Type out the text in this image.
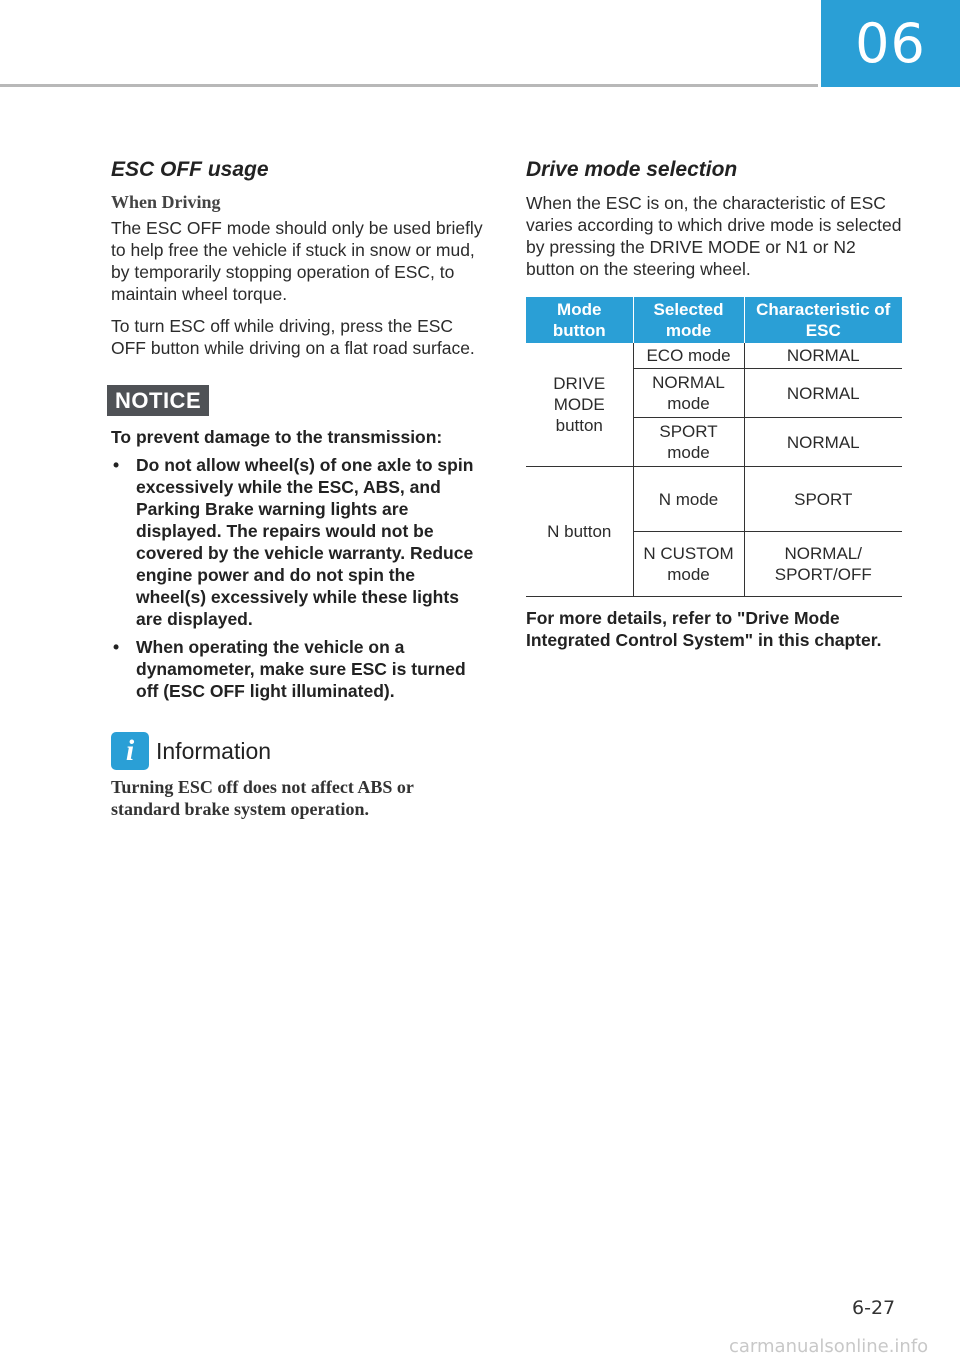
06
ESC OFF usage
When Driving

The ESC OFF mode should only be used briefly to help free the vehicle if stuck in snow or mud, by temporarily stopping operation of ESC, to maintain wheel torque.

To turn ESC off while driving, press the ESC OFF button while driving on a flat road surface.

NOTICE

To prevent damage to the transmission:

• Do not allow wheel(s) of one axle to spin excessively while the ESC, ABS, and Parking Brake warning lights are displayed. The repairs would not be covered by the vehicle warranty. Reduce engine power and do not spin the wheel(s) excessively while these lights are displayed.
• When operating the vehicle on a dynamometer, make sure ESC is turned off (ESC OFF light illuminated).
i Information

Turning ESC off does not affect ABS or standard brake system operation.

Drive mode selection

When the ESC is on, the characteristic of ESC varies according to which drive mode is selected by pressing the DRIVE MODE or N1 or N2 button on the steering wheel.

Mode button	Selected mode	Characteristic of ESC
DRIVE MODE button	ECO mode	NORMAL
	NORMAL mode	NORMAL
	SPORT mode	NORMAL
N button	N mode	SPORT
	N CUSTOM mode	NORMAL/ SPORT/OFF

For more details, refer to "Drive Mode Integrated Control System" in this chapter.

6-27
carmanualsonline.info
